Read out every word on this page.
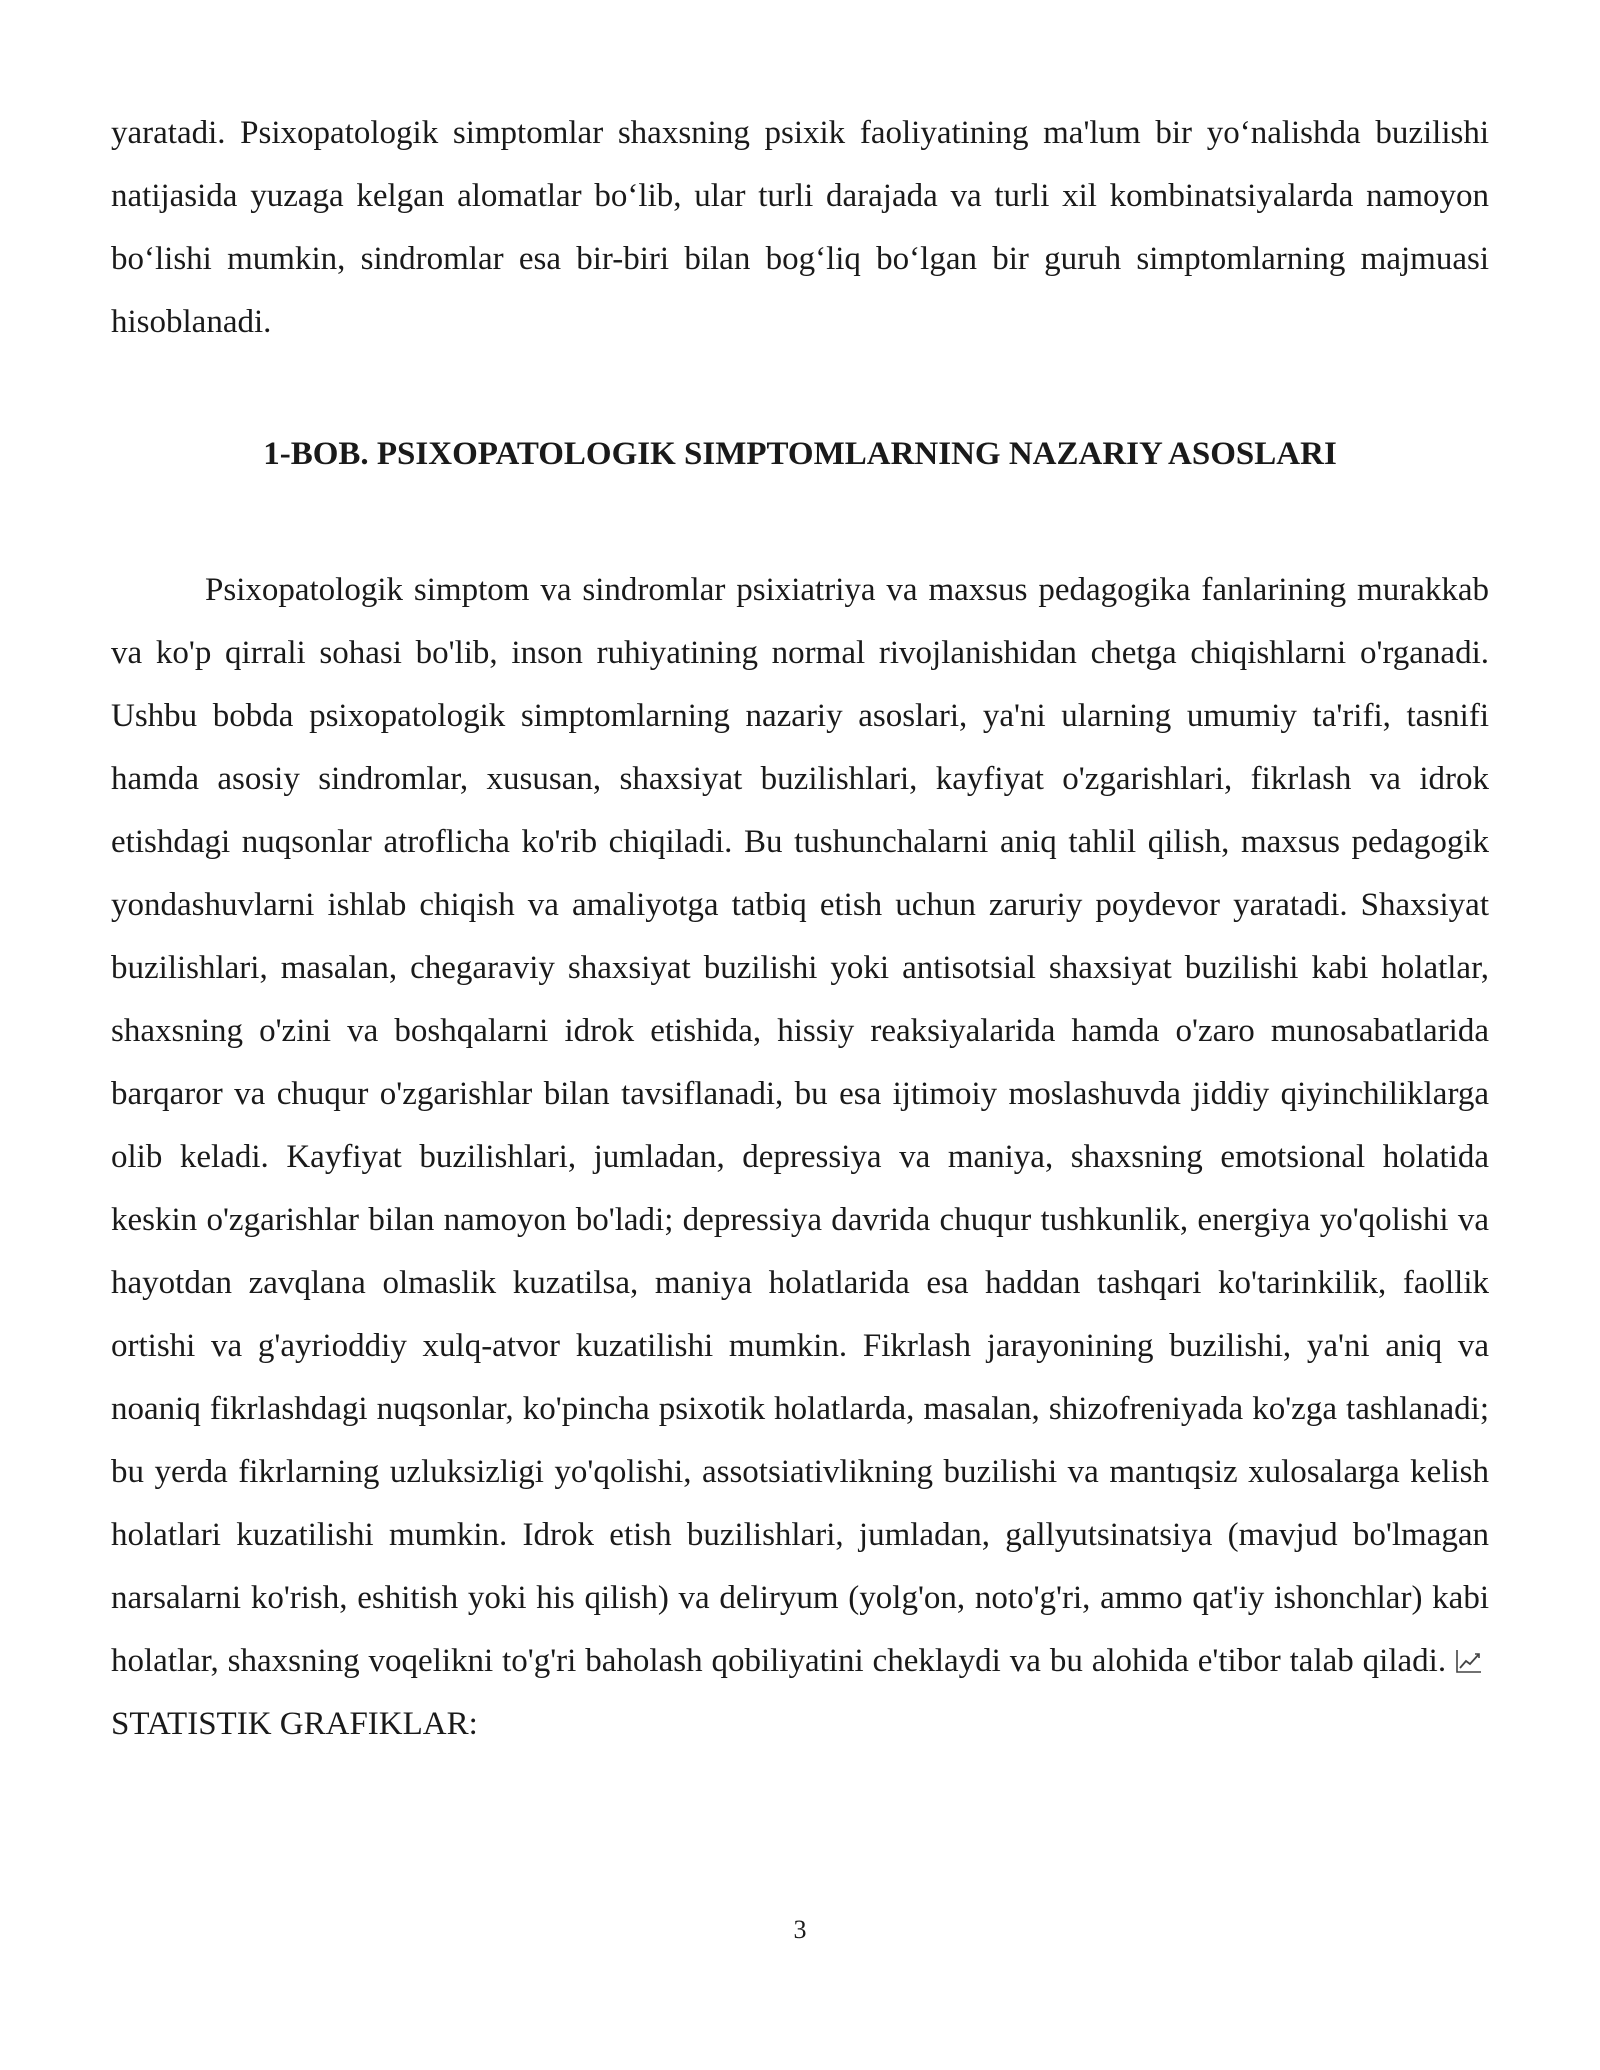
yaratadi. Psixopatologik simptomlar shaxsning psixik faoliyatining ma'lum bir yo‘nalishda buzilishi natijasida yuzaga kelgan alomatlar bo‘lib, ular turli darajada va turli xil kombinatsiyalarda namoyon bo‘lishi mumkin, sindromlar esa bir-biri bilan bog‘liq bo‘lgan bir guruh simptomlarning majmuasi hisoblanadi.

1-BOB. PSIXOPATOLOGIK SIMPTOMLARNING NAZARIY ASOSLARI

Psixopatologik simptom va sindromlar psixiatriya va maxsus pedagogika fanlarining murakkab va ko'p qirrali sohasi bo'lib, inson ruhiyatining normal rivojlanishidan chetga chiqishlarni o'rganadi. Ushbu bobda psixopatologik simptomlarning nazariy asoslari, ya'ni ularning umumiy ta'rifi, tasnifi hamda asosiy sindromlar, xususan, shaxsiyat buzilishlari, kayfiyat o'zgarishlari, fikrlash va idrok etishdagi nuqsonlar atroflicha ko'rib chiqiladi. Bu tushunchalarni aniq tahlil qilish, maxsus pedagogik yondashuvlarni ishlab chiqish va amaliyotga tatbiq etish uchun zaruriy poydevor yaratadi. Shaxsiyat buzilishlari, masalan, chegaraviy shaxsiyat buzilishi yoki antisotsial shaxsiyat buzilishi kabi holatlar, shaxsning o'zini va boshqalarni idrok etishida, hissiy reaksiyalarida hamda o'zaro munosabatlarida barqaror va chuqur o'zgarishlar bilan tavsiflanadi, bu esa ijtimoiy moslashuvda jiddiy qiyinchiliklarga olib keladi. Kayfiyat buzilishlari, jumladan, depressiya va maniya, shaxsning emotsional holatida keskin o'zgarishlar bilan namoyon bo'ladi; depressiya davrida chuqur tushkunlik, energiya yo'qolishi va hayotdan zavqlana olmaslik kuzatilsa, maniya holatlarida esa haddan tashqari ko'tarinkilik, faollik ortishi va g'ayrioddiy xulq-atvor kuzatilishi mumkin. Fikrlash jarayonining buzilishi, ya'ni aniq va noaniq fikrlashdagi nuqsonlar, ko'pincha psixotik holatlarda, masalan, shizofreniyada ko'zga tashlanadi; bu yerda fikrlarning uzluksizligi yo'qolishi, assotsiativlikning buzilishi va mantıqsiz xulosalarga kelish holatlari kuzatilishi mumkin. Idrok etish buzilishlari, jumladan, gallyutsinatsiya (mavjud bo'lmagan narsalarni ko'rish, eshitish yoki his qilish) va deliryum (yolg'on, noto'g'ri, ammo qat'iy ishonchlar) kabi holatlar, shaxsning voqelikni to'g'ri baholash qobiliyatini cheklaydi va bu alohida e'tibor talab qiladi. STATISTIK GRAFIKLAR:

3
